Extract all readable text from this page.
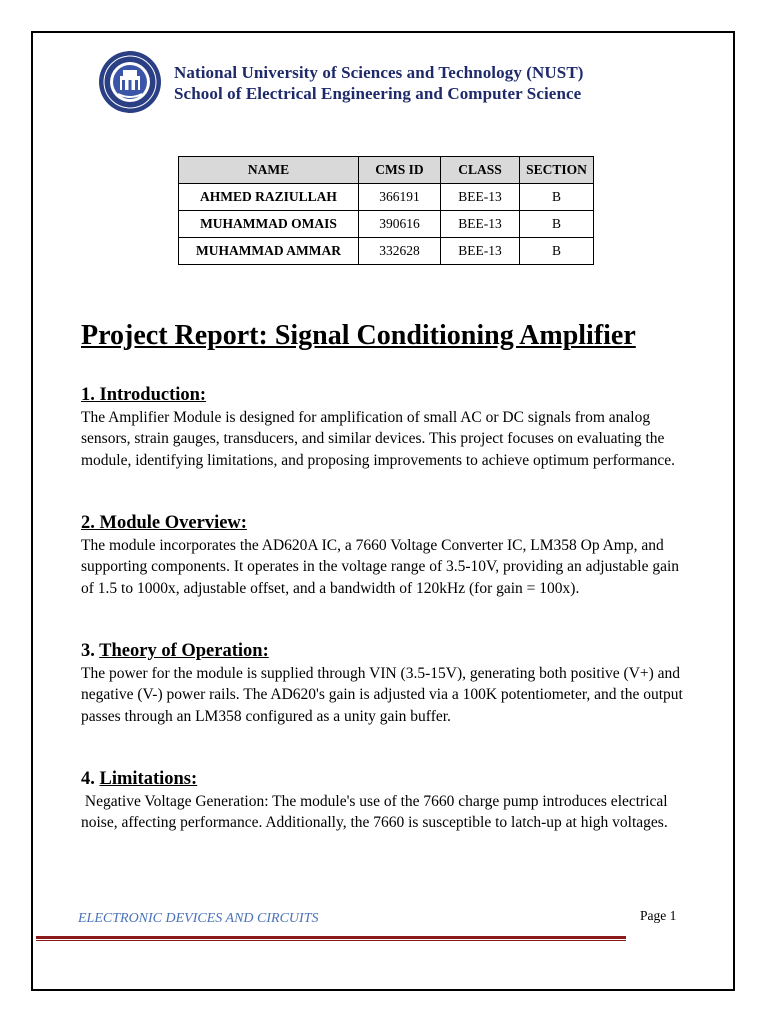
National University of Sciences and Technology (NUST)
School of Electrical Engineering and Computer Science
NAME	CMS ID	CLASS	SECTION
AHMED RAZIULLAH	366191	BEE-13	B
MUHAMMAD OMAIS	390616	BEE-13	B
MUHAMMAD AMMAR	332628	BEE-13	B
Project Report: Signal Conditioning Amplifier
1. Introduction:

The Amplifier Module is designed for amplification of small AC or DC signals from analog sensors, strain gauges, transducers, and similar devices. This project focuses on evaluating the module, identifying limitations, and proposing improvements to achieve optimum performance.

2. Module Overview:

The module incorporates the AD620A IC, a 7660 Voltage Converter IC, LM358 Op Amp, and supporting components. It operates in the voltage range of 3.5-10V, providing an adjustable gain of 1.5 to 1000x, adjustable offset, and a bandwidth of 120kHz (for gain = 100x).

3. Theory of Operation:

The power for the module is supplied through VIN (3.5-15V), generating both positive (V+) and negative (V-) power rails. The AD620's gain is adjusted via a 100K potentiometer, and the output passes through an LM358 configured as a unity gain buffer.

4. Limitations:

Negative Voltage Generation: The module's use of the 7660 charge pump introduces electrical noise, affecting performance. Additionally, the 7660 is susceptible to latch-up at high voltages.

ELECTRONIC DEVICES AND CIRCUITS	Page 1
